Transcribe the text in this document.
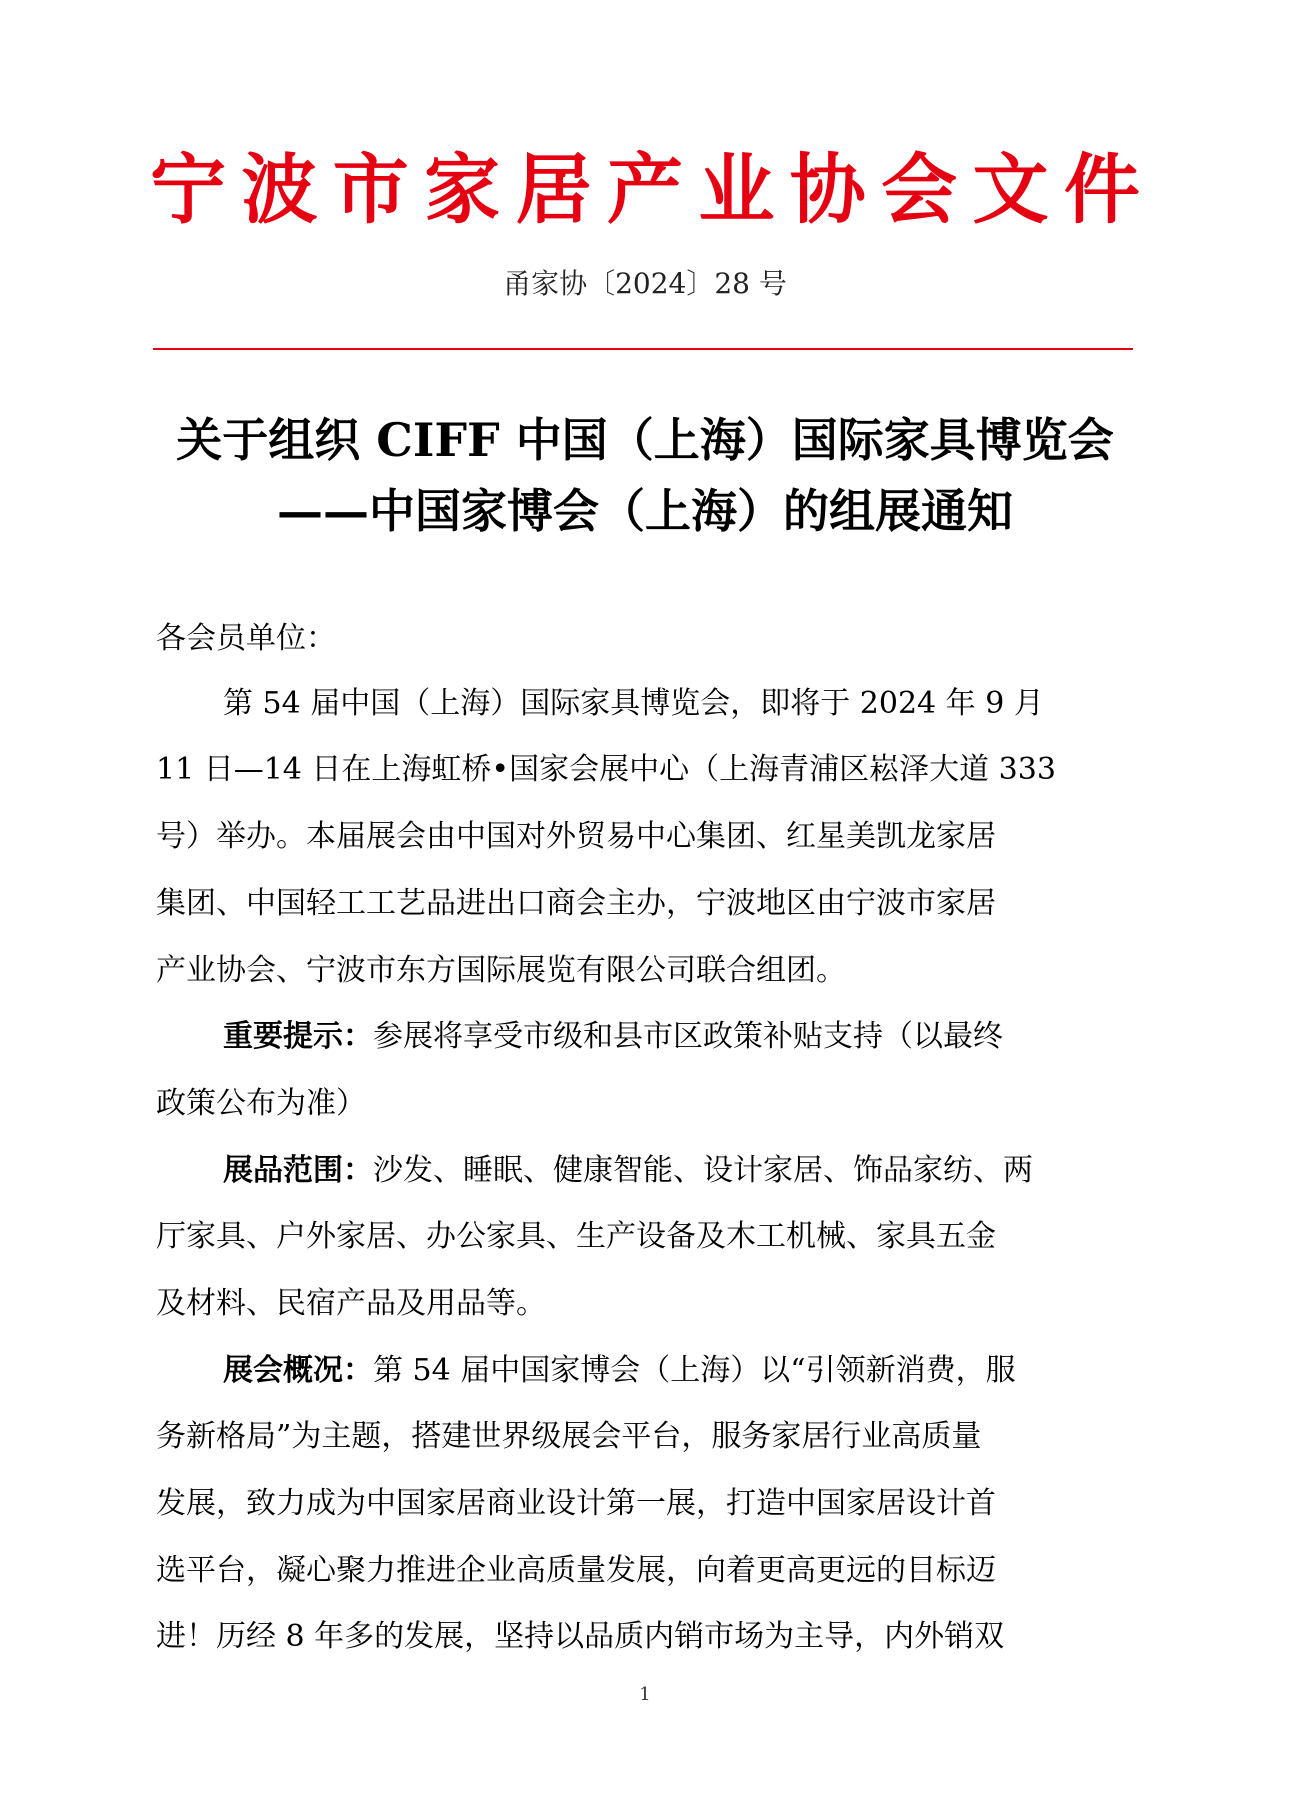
宁 波 市 家 居 产 业 协 会 文 件
甬家协〔2024〕28 号
关于组织 CIFF 中国（上海）国际家具博览会
——中国家博会（上海）的组展通知
各会员单位：
第 54 届中国（上海）国际家具博览会，即将于 2024 年 9 月
11 日—14 日在上海虹桥•国家会展中心（上海青浦区崧泽大道 333
号）举办。本届展会由中国对外贸易中心集团、红星美凯龙家居
集团、中国轻工工艺品进出口商会主办，宁波地区由宁波市家居
产业协会、宁波市东方国际展览有限公司联合组团。
重要提示：参展将享受市级和县市区政策补贴支持（以最终
政策公布为准）
展品范围：沙发、睡眠、健康智能、设计家居、饰品家纺、两
厅家具、户外家居、办公家具、生产设备及木工机械、家具五金
及材料、民宿产品及用品等。
展会概况：第 54 届中国家博会（上海）以“引领新消费，服
务新格局”为主题，搭建世界级展会平台，服务家居行业高质量
发展，致力成为中国家居商业设计第一展，打造中国家居设计首
选平台，凝心聚力推进企业高质量发展，向着更高更远的目标迈
进！历经 8 年多的发展，坚持以品质内销市场为主导，内外销双
1
